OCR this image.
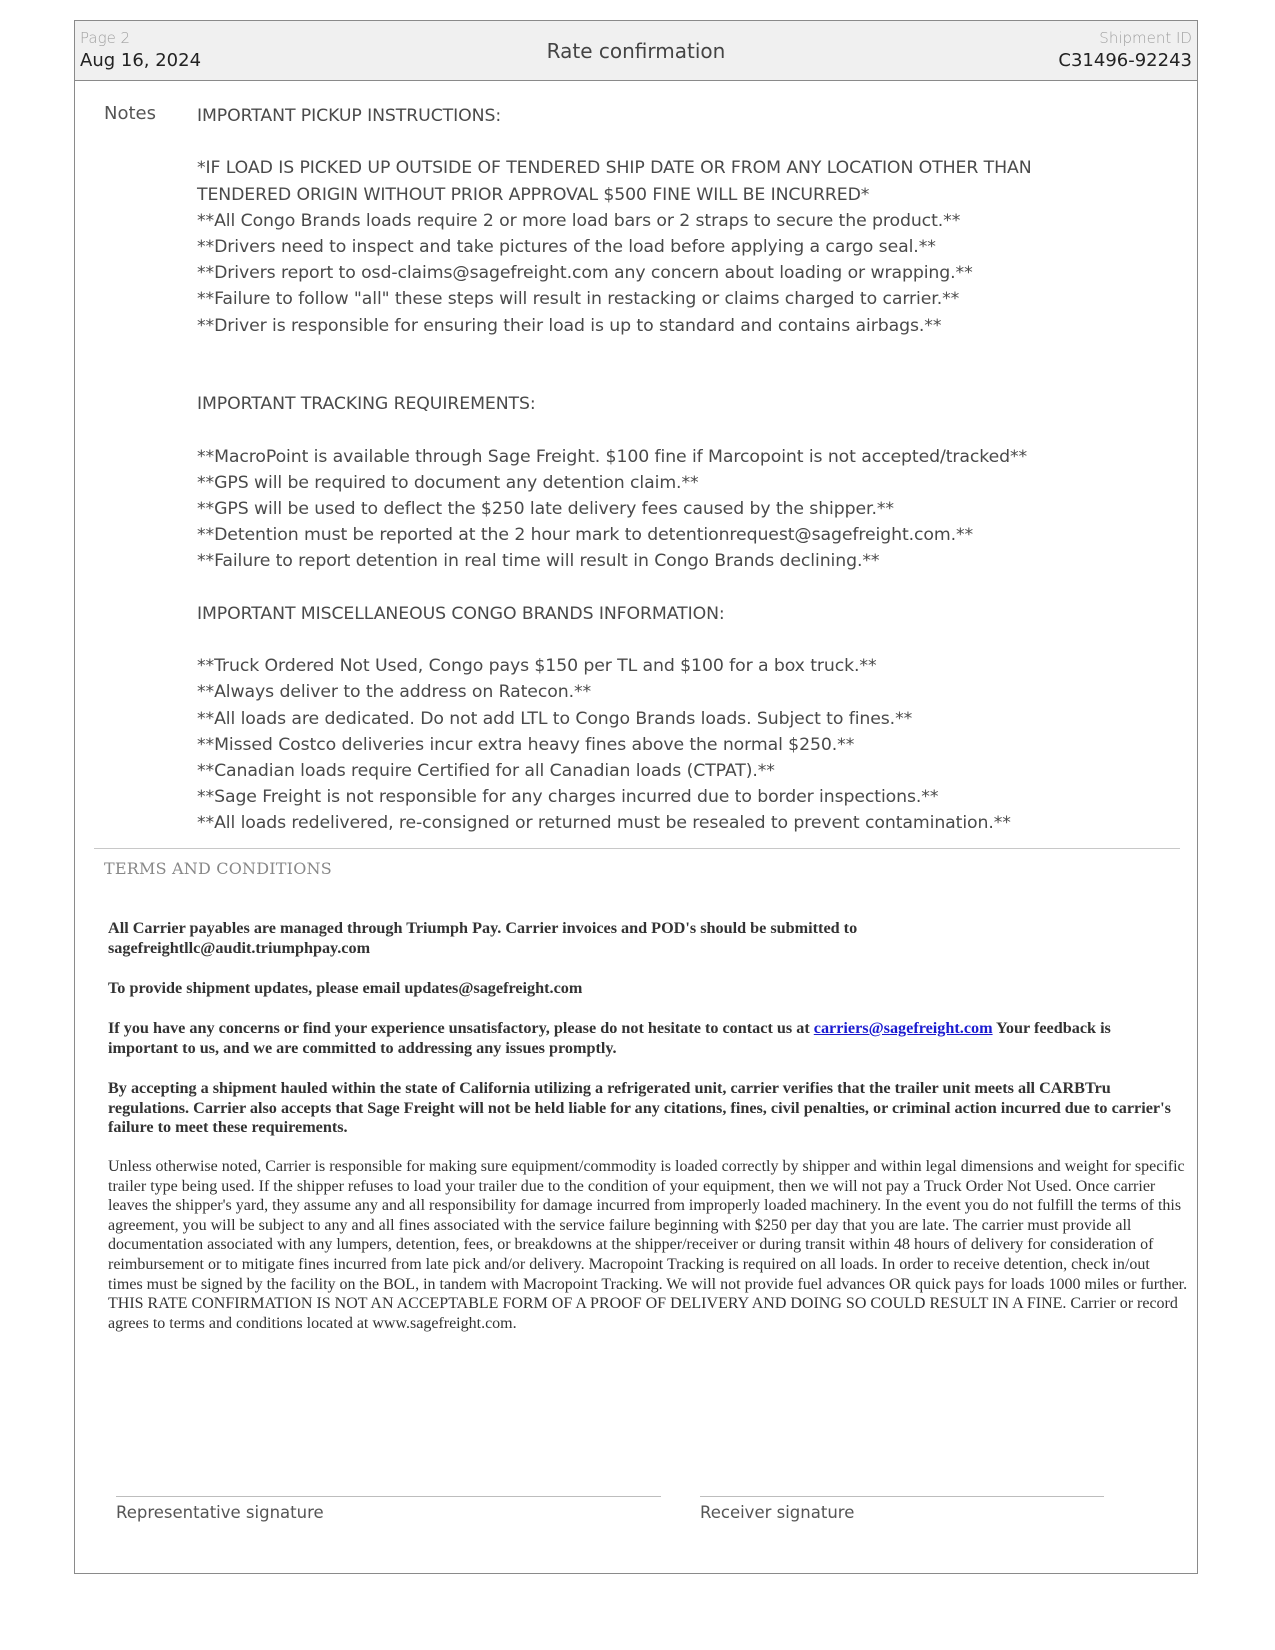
Page 2
Aug 16, 2024	Rate confirmation
Shipment ID
C31496-92243
Notes IMPORTANT PICKUP INSTRUCTIONS:

*IF LOAD IS PICKED UP OUTSIDE OF TENDERED SHIP DATE OR FROM ANY LOCATION OTHER THAN

TENDERED ORIGIN WITHOUT PRIOR APPROVAL $500 FINE WILL BE INCURRED*

**All Congo Brands loads require 2 or more load bars or 2 straps to secure the product.**

**Drivers need to inspect and take pictures of the load before applying a cargo seal.**

**Drivers report to osd-claims@sagefreight.com any concern about loading or wrapping.**

**Failure to follow "all" these steps will result in restacking or claims charged to carrier.**

**Driver is responsible for ensuring their load is up to standard and contains airbags.**

IMPORTANT TRACKING REQUIREMENTS:

**MacroPoint is available through Sage Freight. $100 fine if Marcopoint is not accepted/tracked**

**GPS will be required to document any detention claim.**

**GPS will be used to deflect the $250 late delivery fees caused by the shipper.**

**Detention must be reported at the 2 hour mark to detentionrequest@sagefreight.com.**

**Failure to report detention in real time will result in Congo Brands declining.**

IMPORTANT MISCELLANEOUS CONGO BRANDS INFORMATION:

**Truck Ordered Not Used, Congo pays $150 per TL and $100 for a box truck.**

**Always deliver to the address on Ratecon.**

**All loads are dedicated. Do not add LTL to Congo Brands loads. Subject to fines.**

**Missed Costco deliveries incur extra heavy fines above the normal $250.**

**Canadian loads require Certified for all Canadian loads (CTPAT).**

**Sage Freight is not responsible for any charges incurred due to border inspections.**

**All loads redelivered, re-consigned or returned must be resealed to prevent contamination.**

TERMS AND CONDITIONS
All Carrier payables are managed through Triumph Pay. Carrier invoices and POD's should be submitted to sagefreightllc@audit.triumphpay.com
To provide shipment updates, please email updates@sagefreight.com
If you have any concerns or find your experience unsatisfactory, please do not hesitate to contact us at carriers@sagefreight.com Your feedback is important to us, and we are committed to addressing any issues promptly.
By accepting a shipment hauled within the state of California utilizing a refrigerated unit, carrier verifies that the trailer unit meets all CARBTru regulations. Carrier also accepts that Sage Freight will not be held liable for any citations, fines, civil penalties, or criminal action incurred due to carrier's failure to meet these requirements.
Unless otherwise noted, Carrier is responsible for making sure equipment/commodity is loaded correctly by shipper and within legal dimensions and weight for specific trailer type being used. If the shipper refuses to load your trailer due to the condition of your equipment, then we will not pay a Truck Order Not Used. Once carrier leaves the shipper's yard, they assume any and all responsibility for damage incurred from improperly loaded machinery. In the event you do not fulfill the terms of this agreement, you will be subject to any and all fines associated with the service failure beginning with $250 per day that you are late. The carrier must provide all documentation associated with any lumpers, detention, fees, or breakdowns at the shipper/receiver or during transit within 48 hours of delivery for consideration of reimbursement or to mitigate fines incurred from late pick and/or delivery. Macropoint Tracking is required on all loads. In order to receive detention, check in/out times must be signed by the facility on the BOL, in tandem with Macropoint Tracking. We will not provide fuel advances OR quick pays for loads 1000 miles or further. THIS RATE CONFIRMATION IS NOT AN ACCEPTABLE FORM OF A PROOF OF DELIVERY AND DOING SO COULD RESULT IN A FINE. Carrier or record agrees to terms and conditions located at www.sagefreight.com.
Representative signature	Receiver signature
